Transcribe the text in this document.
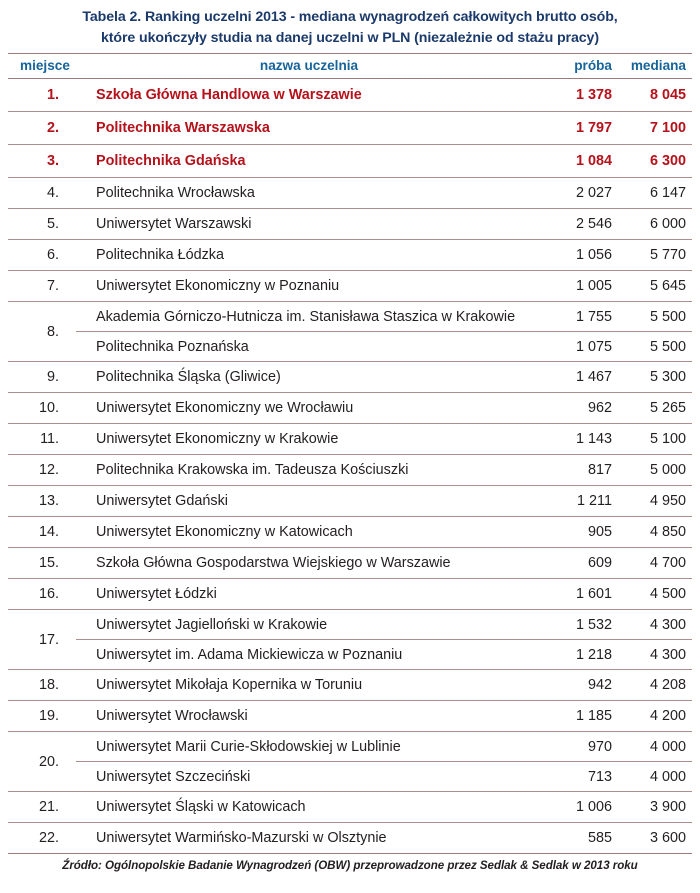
Tabela 2. Ranking uczelni 2013 - mediana wynagrodzeń całkowitych brutto osób,
które ukończyły studia na danej uczelni w PLN (niezależnie od stażu pracy)
miejsce	nazwa uczelnia	próba	mediana
1.	Szkoła Główna Handlowa w Warszawie	1 378	8 045
2.	Politechnika Warszawska	1 797	7 100
3.	Politechnika Gdańska	1 084	6 300
4.	Politechnika Wrocławska	2 027	6 147
5.	Uniwersytet Warszawski	2 546	6 000
6.	Politechnika Łódzka	1 056	5 770
7.	Uniwersytet Ekonomiczny w Poznaniu	1 005	5 645
8.	Akademia Górniczo-Hutnicza im. Stanisława Staszica w Krakowie	1 755	5 500
	Politechnika Poznańska	1 075	5 500
9.	Politechnika Śląska (Gliwice)	1 467	5 300
10.	Uniwersytet Ekonomiczny we Wrocławiu	962	5 265
11.	Uniwersytet Ekonomiczny w Krakowie	1 143	5 100
12.	Politechnika Krakowska im. Tadeusza Kościuszki	817	5 000
13.	Uniwersytet Gdański	1 211	4 950
14.	Uniwersytet Ekonomiczny w Katowicach	905	4 850
15.	Szkoła Główna Gospodarstwa Wiejskiego w Warszawie	609	4 700
16.	Uniwersytet Łódzki	1 601	4 500
17.	Uniwersytet Jagielloński w Krakowie	1 532	4 300
	Uniwersytet im. Adama Mickiewicza w Poznaniu	1 218	4 300
18.	Uniwersytet Mikołaja Kopernika w Toruniu	942	4 208
19.	Uniwersytet Wrocławski	1 185	4 200
20.	Uniwersytet Marii Curie-Skłodowskiej w Lublinie	970	4 000
	Uniwersytet Szczeciński	713	4 000
21.	Uniwersytet Śląski w Katowicach	1 006	3 900
22.	Uniwersytet Warmińsko-Mazurski w Olsztynie	585	3 600
Źródło: Ogólnopolskie Badanie Wynagrodzeń (OBW) przeprowadzone przez Sedlak & Sedlak w 2013 roku
